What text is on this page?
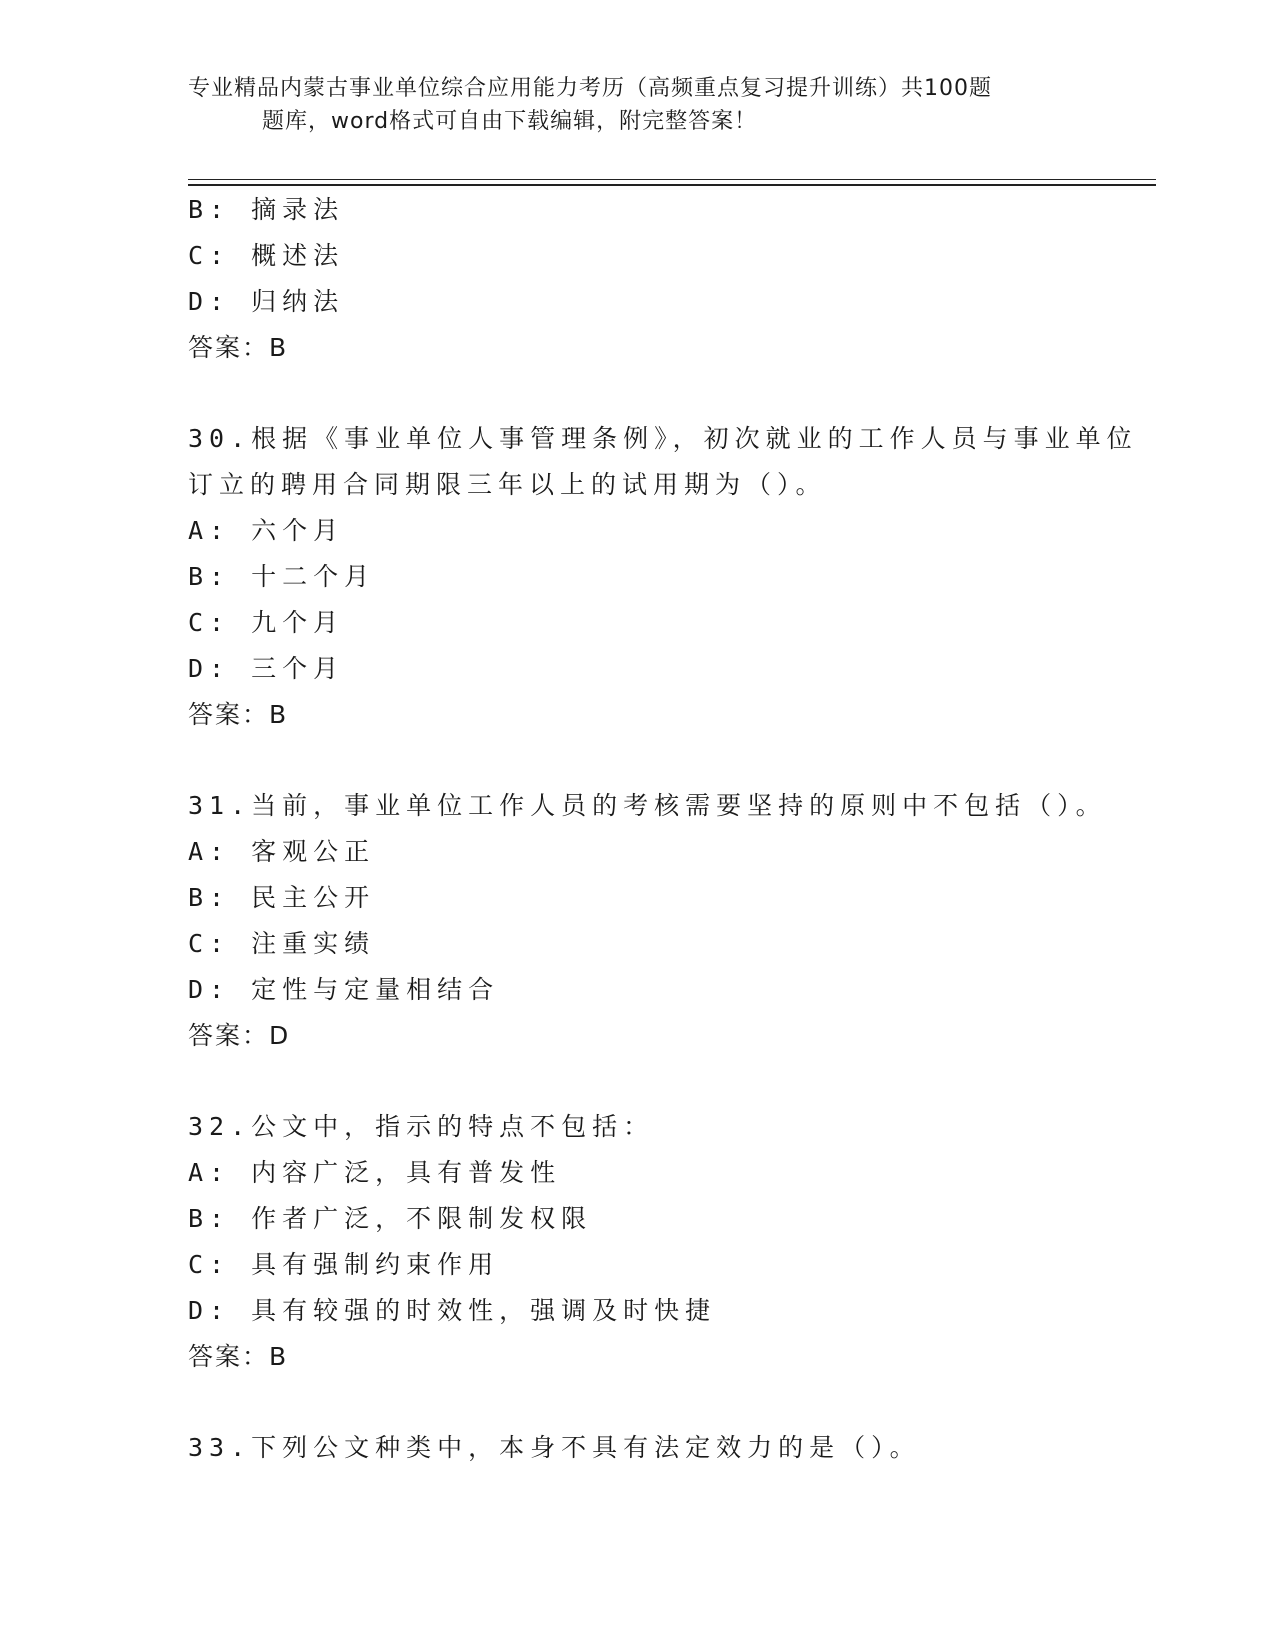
专业精品内蒙古事业单位综合应用能力考历（高频重点复习提升训练）共100题
题库，word格式可自由下载编辑，附完整答案！
B: 摘录法
C: 概述法
D: 归纳法
答案：B
30.根据《事业单位人事管理条例》，初次就业的工作人员与事业单位
订立的聘用合同期限三年以上的试用期为（）。
A: 六个月
B: 十二个月
C: 九个月
D: 三个月
答案：B
31.当前，事业单位工作人员的考核需要坚持的原则中不包括（）。
A: 客观公正
B: 民主公开
C: 注重实绩
D: 定性与定量相结合
答案：D
32.公文中，指示的特点不包括：
A: 内容广泛，具有普发性
B: 作者广泛，不限制发权限
C: 具有强制约束作用
D: 具有较强的时效性，强调及时快捷
答案：B
33.下列公文种类中，本身不具有法定效力的是（）。
